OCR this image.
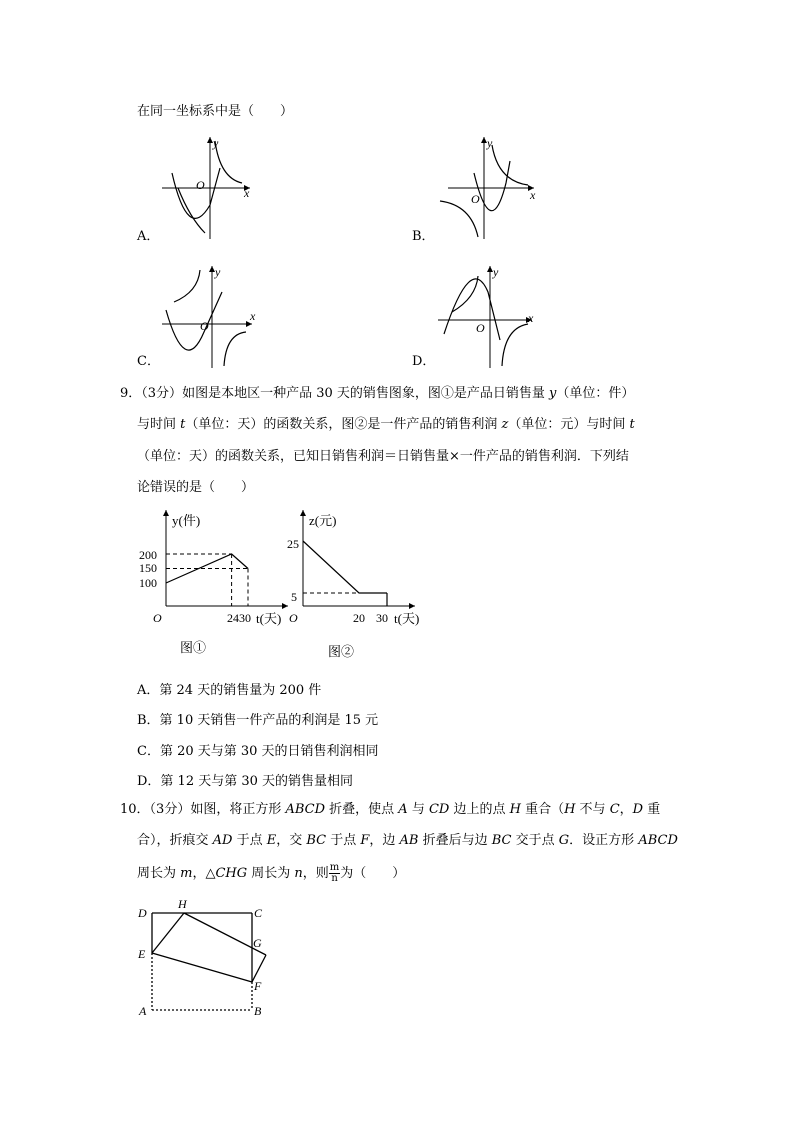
在同一坐标系中是（　　）
y
x
O
A．
y
x
O
B．
y
x
O
C．
y
x
O
D．
9．（3分）如图是本地区一种产品 30 天的销售图象，图①是产品日销售量 y（单位：件）
与时间 t（单位：天）的函数关系，图②是一件产品的销售利润 z（单位：元）与时间 t
（单位：天）的函数关系，已知日销售利润＝日销售量×一件产品的销售利润．下列结
论错误的是（　　）
y(件)
200
150
100
O	2430 t(天)
图①
z(元)
25
5
O	20 30 t(天)
图②
A．第 24 天的销售量为 200 件
B．第 10 天销售一件产品的利润是 15 元
C．第 20 天与第 30 天的日销售利润相同
D．第 12 天与第 30 天的销售量相同
10．（3分）如图，将正方形 ABCD 折叠，使点 A 与 CD 边上的点 H 重合（H 不与 C，D 重
合），折痕交 AD 于点 E，交 BC 于点 F，边 AB 折叠后与边 BC 交于点 G．设正方形 ABCD
周长为 m，△CHG 周长为 n，则 $\frac{m}{n}$ 为（　　）
D
H
C
G
E
F
A	B
